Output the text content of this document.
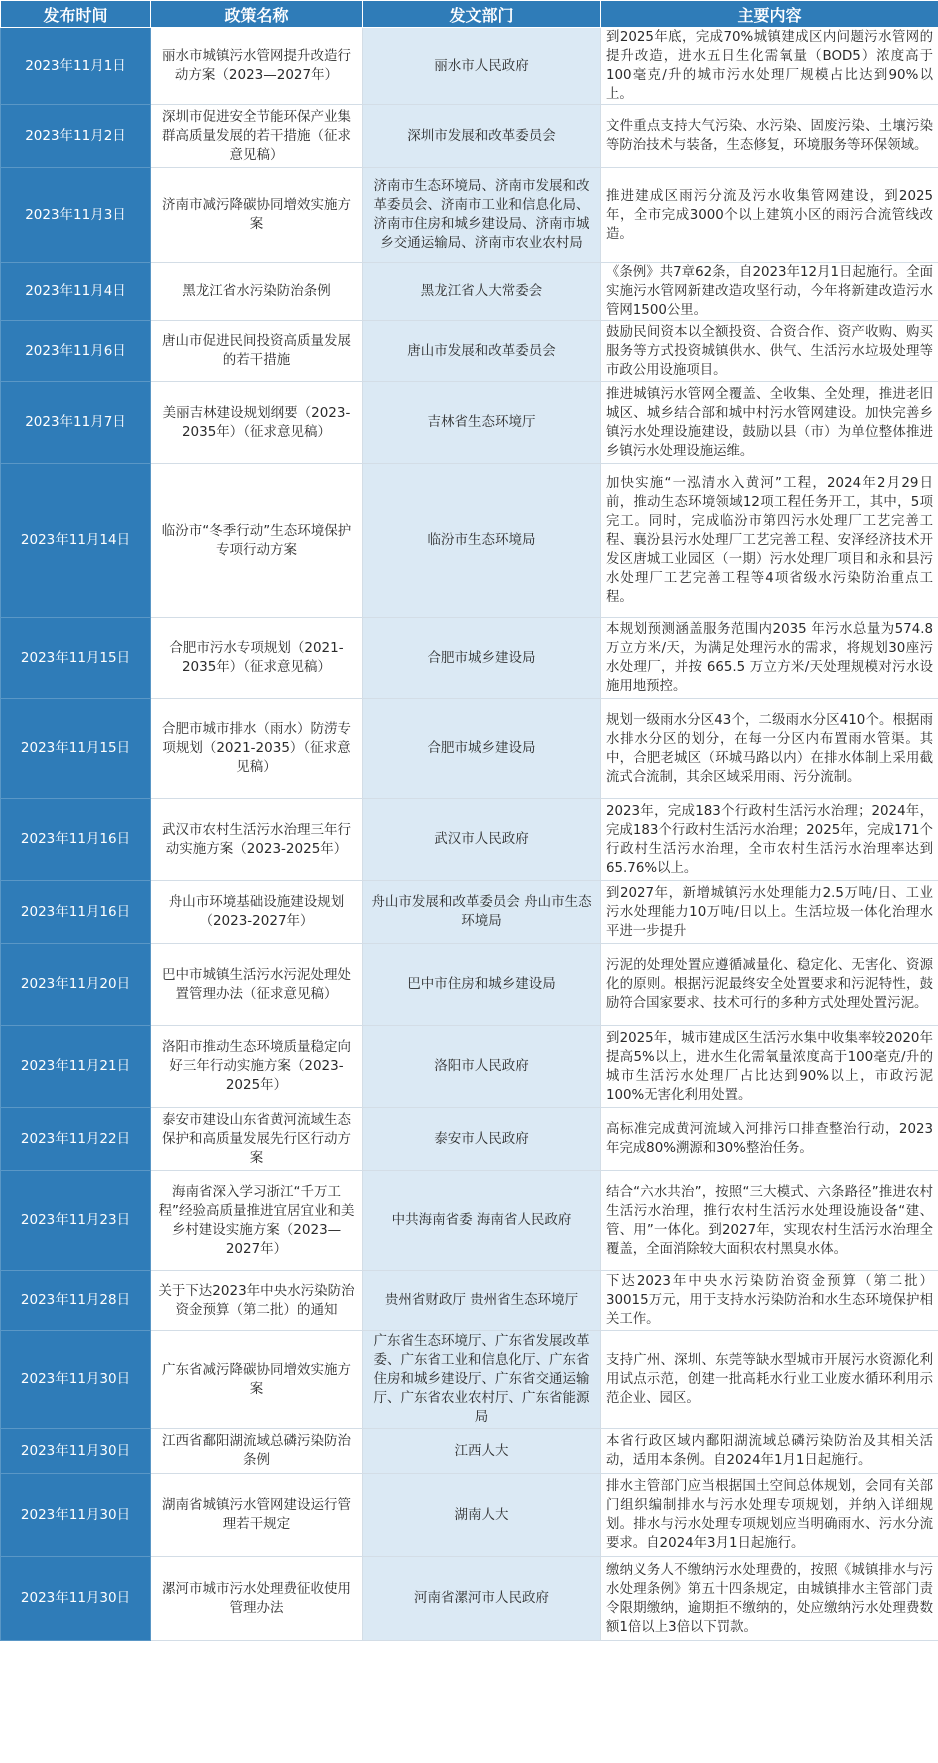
发布时间	政策名称	发文部门	主要内容
2023年11月1日	丽水市城镇污水管网提升改造行动方案（2023—2027年）	丽水市人民政府	到2025年底，完成70%城镇建成区内问题污水管网的提升改造，进水五日生化需氧量（BOD5）浓度高于100毫克/升的城市污水处理厂规模占比达到90%以上。
2023年11月2日	深圳市促进安全节能环保产业集群高质量发展的若干措施（征求意见稿）	深圳市发展和改革委员会	文件重点支持大气污染、水污染、固废污染、土壤污染等防治技术与装备，生态修复，环境服务等环保领域。
2023年11月3日	济南市减污降碳协同增效实施方案	济南市生态环境局、济南市发展和改革委员会、济南市工业和信息化局、济南市住房和城乡建设局、济南市城乡交通运输局、济南市农业农村局	推进建成区雨污分流及污水收集管网建设，到2025年，全市完成3000个以上建筑小区的雨污合流管线改造。
2023年11月4日	黑龙江省水污染防治条例	黑龙江省人大常委会	《条例》共7章62条，自2023年12月1日起施行。全面实施污水管网新建改造攻坚行动，今年将新建改造污水管网1500公里。
2023年11月6日	唐山市促进民间投资高质量发展的若干措施	唐山市发展和改革委员会	鼓励民间资本以全额投资、合资合作、资产收购、购买服务等方式投资城镇供水、供气、生活污水垃圾处理等市政公用设施项目。
2023年11月7日	美丽吉林建设规划纲要（2023-2035年）（征求意见稿）	吉林省生态环境厅	推进城镇污水管网全覆盖、全收集、全处理，推进老旧城区、城乡结合部和城中村污水管网建设。加快完善乡镇污水处理设施建设，鼓励以县（市）为单位整体推进乡镇污水处理设施运维。
2023年11月14日	临汾市“冬季行动”生态环境保护专项行动方案	临汾市生态环境局	加快实施“一泓清水入黄河”工程，2024年2月29日前，推动生态环境领域12项工程任务开工，其中，5项完工。同时，完成临汾市第四污水处理厂工艺完善工程、襄汾县污水处理厂工艺完善工程、安泽经济技术开发区唐城工业园区（一期）污水处理厂项目和永和县污水处理厂工艺完善工程等4项省级水污染防治重点工程。
2023年11月15日	合肥市污水专项规划（2021-2035年）（征求意见稿）	合肥市城乡建设局	本规划预测涵盖服务范围内2035 年污水总量为574.8万立方米/天，为满足处理污水的需求，将规划30座污水处理厂，并按 665.5 万立方米/天处理规模对污水设施用地预控。
2023年11月15日	合肥市城市排水（雨水）防涝专项规划（2021-2035）（征求意见稿）	合肥市城乡建设局	规划一级雨水分区43个，二级雨水分区410个。根据雨水排水分区的划分，在每一分区内布置雨水管渠。其中，合肥老城区（环城马路以内）在排水体制上采用截流式合流制，其余区域采用雨、污分流制。
2023年11月16日	武汉市农村生活污水治理三年行动实施方案（2023-2025年）	武汉市人民政府	2023年，完成183个行政村生活污水治理；2024年，完成183个行政村生活污水治理；2025年，完成171个行政村生活污水治理，全市农村生活污水治理率达到65.76%以上。
2023年11月16日	舟山市环境基础设施建设规划（2023-2027年）	舟山市发展和改革委员会 舟山市生态环境局	到2027年，新增城镇污水处理能力2.5万吨/日、工业污水处理能力10万吨/日以上。生活垃圾一体化治理水平进一步提升
2023年11月20日	巴中市城镇生活污水污泥处理处置管理办法（征求意见稿）	巴中市住房和城乡建设局	污泥的处理处置应遵循减量化、稳定化、无害化、资源化的原则。根据污泥最终安全处置要求和污泥特性，鼓励符合国家要求、技术可行的多种方式处理处置污泥。
2023年11月21日	洛阳市推动生态环境质量稳定向好三年行动实施方案（2023-2025年）	洛阳市人民政府	到2025年，城市建成区生活污水集中收集率较2020年提高5%以上，进水生化需氧量浓度高于100毫克/升的城市生活污水处理厂占比达到90%以上，市政污泥100%无害化利用处置。
2023年11月22日	泰安市建设山东省黄河流域生态保护和高质量发展先行区行动方案	泰安市人民政府	高标准完成黄河流域入河排污口排查整治行动，2023年完成80%溯源和30%整治任务。
2023年11月23日	海南省深入学习浙江“千万工程”经验高质量推进宜居宜业和美乡村建设实施方案（2023—2027年）	中共海南省委 海南省人民政府	结合“六水共治”，按照“三大模式、六条路径”推进农村生活污水治理，推行农村生活污水处理设施设备“建、管、用”一体化。到2027年，实现农村生活污水治理全覆盖，全面消除较大面积农村黑臭水体。
2023年11月28日	关于下达2023年中央水污染防治资金预算（第二批）的通知	贵州省财政厅 贵州省生态环境厅	下达2023年中央水污染防治资金预算（第二批）30015万元，用于支持水污染防治和水生态环境保护相关工作。
2023年11月30日	广东省减污降碳协同增效实施方案	广东省生态环境厅、广东省发展改革委、广东省工业和信息化厅、广东省住房和城乡建设厅、广东省交通运输厅、广东省农业农村厅、广东省能源局	支持广州、深圳、东莞等缺水型城市开展污水资源化利用试点示范，创建一批高耗水行业工业废水循环利用示范企业、园区。
2023年11月30日	江西省鄱阳湖流域总磷污染防治条例	江西人大	本省行政区域内鄱阳湖流域总磷污染防治及其相关活动，适用本条例。自2024年1月1日起施行。
2023年11月30日	湖南省城镇污水管网建设运行管理若干规定	湖南人大	排水主管部门应当根据国土空间总体规划，会同有关部门组织编制排水与污水处理专项规划，并纳入详细规划。排水与污水处理专项规划应当明确雨水、污水分流要求。自2024年3月1日起施行。
2023年11月30日	漯河市城市污水处理费征收使用管理办法	河南省漯河市人民政府	缴纳义务人不缴纳污水处理费的，按照《城镇排水与污水处理条例》第五十四条规定，由城镇排水主管部门责令限期缴纳，逾期拒不缴纳的，处应缴纳污水处理费数额1倍以上3倍以下罚款。
